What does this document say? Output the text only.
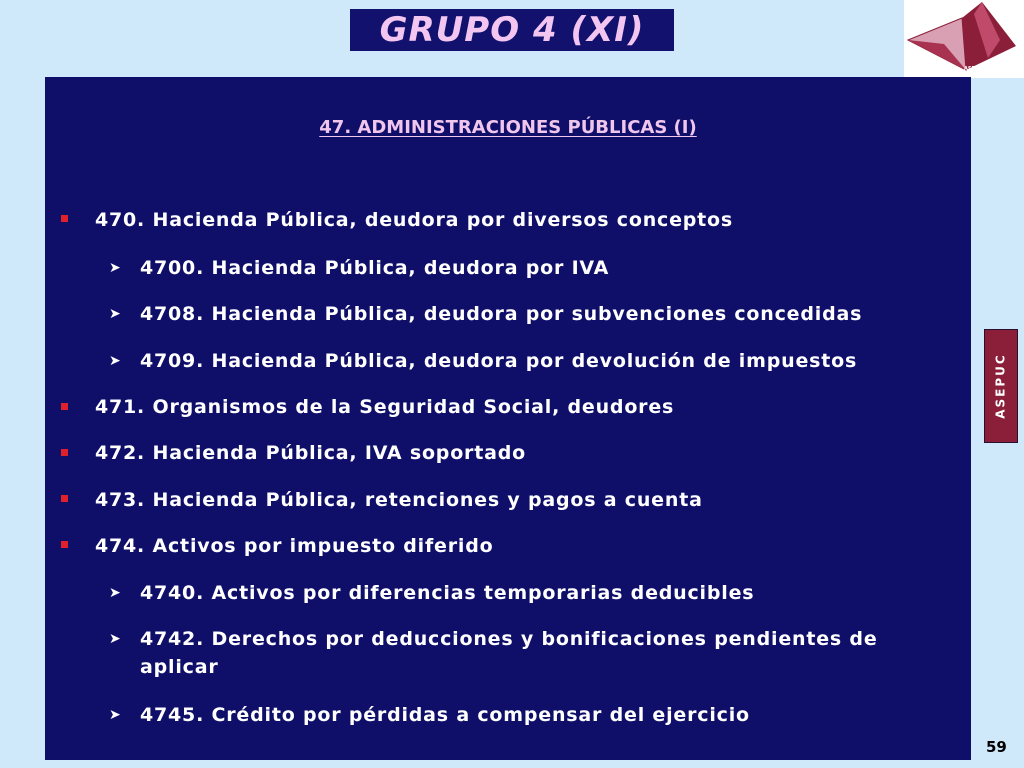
GRUPO 4 (XI)
ASEPUC
47. ADMINISTRACIONES PÚBLICAS (I)
470. Hacienda Pública, deudora por diversos conceptos
➤ 4700. Hacienda Pública, deudora por IVA
➤ 4708. Hacienda Pública, deudora por subvenciones concedidas
➤ 4709. Hacienda Pública, deudora por devolución de impuestos
471. Organismos de la Seguridad Social, deudores
472. Hacienda Pública, IVA soportado
473. Hacienda Pública, retenciones y pagos a cuenta
474. Activos por impuesto diferido
➤ 4740. Activos por diferencias temporarias deducibles
➤ 4742. Derechos por deducciones y bonificaciones pendientes de aplicar
➤ 4745. Crédito por pérdidas a compensar del ejercicio
ASEPUC
59
